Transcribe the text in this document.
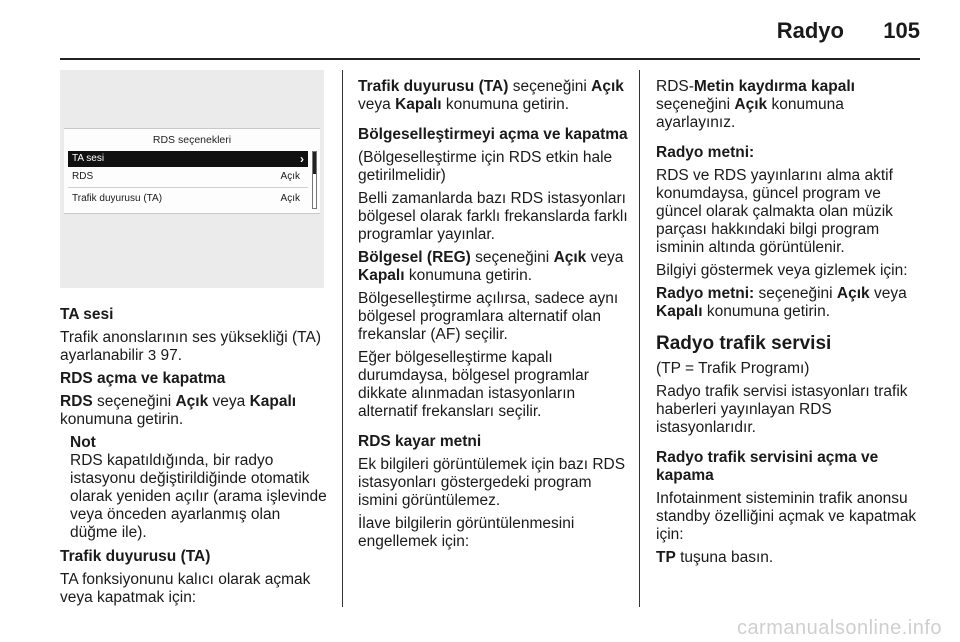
Radyo 105
RDS seçenekleri
TA sesi	›
RDS	Açık
Trafik duyurusu (TA)	Açık

TA sesi

Trafik anonslarının ses yüksekliği (TA) ayarlanabilir 3 97.

RDS açma ve kapatma

RDS seçeneğini Açık veya Kapalı konumuna getirin.

Not
RDS kapatıldığında, bir radyo istasyonu değiştirildiğinde otomatik olarak yeniden açılır (arama işlevinde veya önceden ayarlanmış olan düğme ile).

Trafik duyurusu (TA)

TA fonksiyonunu kalıcı olarak açmak veya kapatmak için:

Trafik duyurusu (TA) seçeneğini Açık veya Kapalı konumuna getirin.

Bölgeselleştirmeyi açma ve kapatma

(Bölgeselleştirme için RDS etkin hale getirilmelidir)

Belli zamanlarda bazı RDS istasyonları bölgesel olarak farklı frekanslarda farklı programlar yayınlar.

Bölgesel (REG) seçeneğini Açık veya Kapalı konumuna getirin.

Bölgeselleştirme açılırsa, sadece aynı bölgesel programlara alternatif olan frekanslar (AF) seçilir.

Eğer bölgeselleştirme kapalı durumdaysa, bölgesel programlar dikkate alınmadan istasyonların alternatif frekansları seçilir.

RDS kayar metni

Ek bilgileri görüntülemek için bazı RDS istasyonları göstergedeki program ismini görüntülemez.

İlave bilgilerin görüntülenmesini engellemek için:

RDS-Metin kaydırma kapalı seçeneğini Açık konumuna ayarlayınız.

Radyo metni:

RDS ve RDS yayınlarını alma aktif konumdaysa, güncel program ve güncel olarak çalmakta olan müzik parçası hakkındaki bilgi program isminin altında görüntülenir.

Bilgiyi göstermek veya gizlemek için:

Radyo metni: seçeneğini Açık veya Kapalı konumuna getirin.

Radyo trafik servisi

(TP = Trafik Programı)

Radyo trafik servisi istasyonları trafik haberleri yayınlayan RDS istasyonlarıdır.

Radyo trafik servisini açma ve kapama

Infotainment sisteminin trafik anonsu standby özelliğini açmak ve kapatmak için:

TP tuşuna basın.

carmanualsonline.info
